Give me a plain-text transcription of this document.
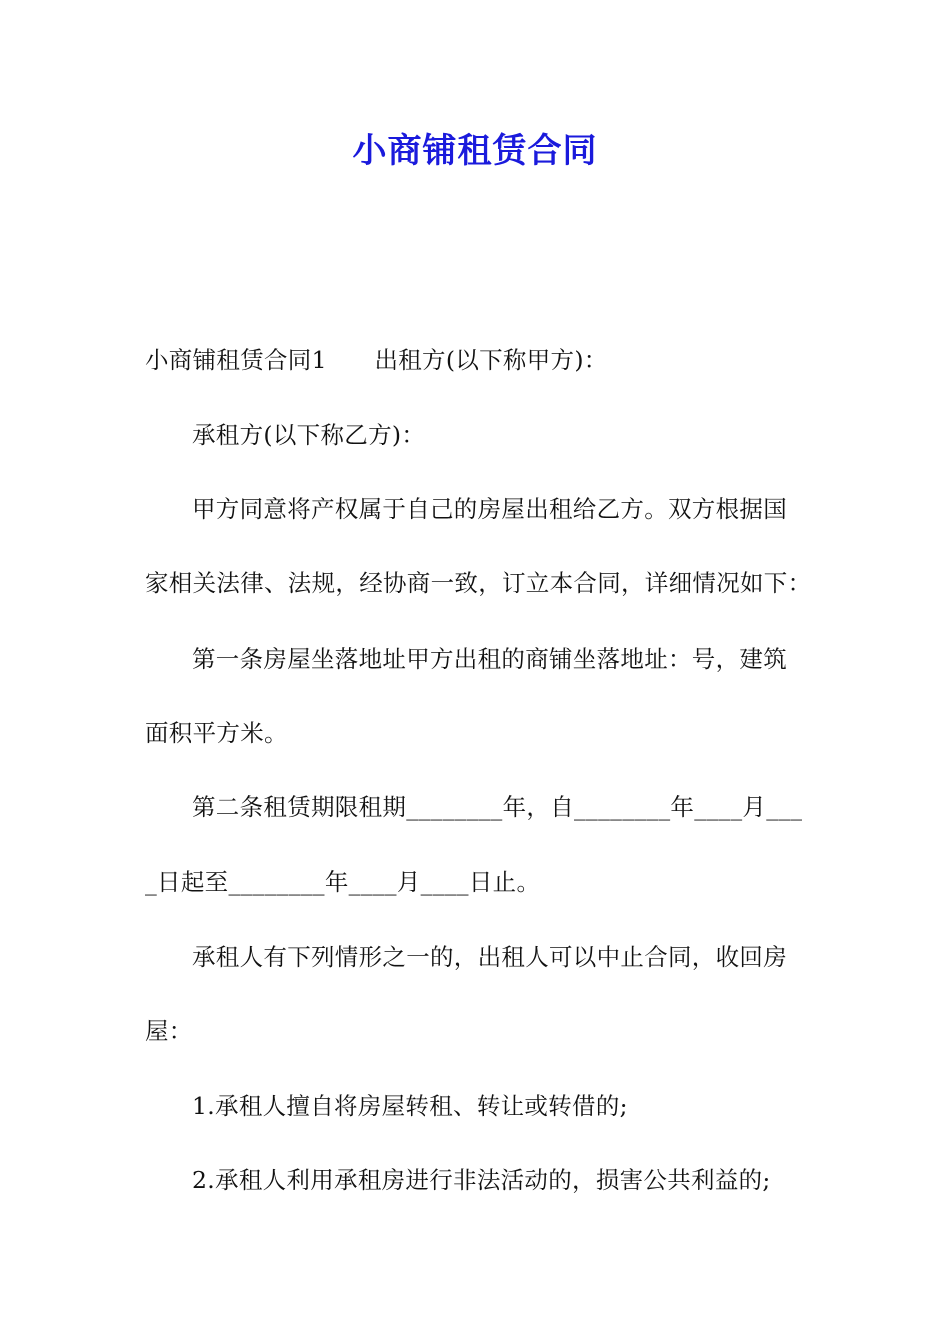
小商铺租赁合同
小商铺租赁合同1　　出租方(以下称甲方)：
承租方(以下称乙方)：
甲方同意将产权属于自己的房屋出租给乙方。双方根据国
家相关法律、法规，经协商一致，订立本合同，详细情况如下：
第一条房屋坐落地址甲方出租的商铺坐落地址：号，建筑
面积平方米。
第二条租赁期限租期________年，自________年____月___
_日起至________年____月____日止。
承租人有下列情形之一的，出租人可以中止合同，收回房
屋：
1.承租人擅自将房屋转租、转让或转借的;
2.承租人利用承租房进行非法活动的，损害公共利益的;
